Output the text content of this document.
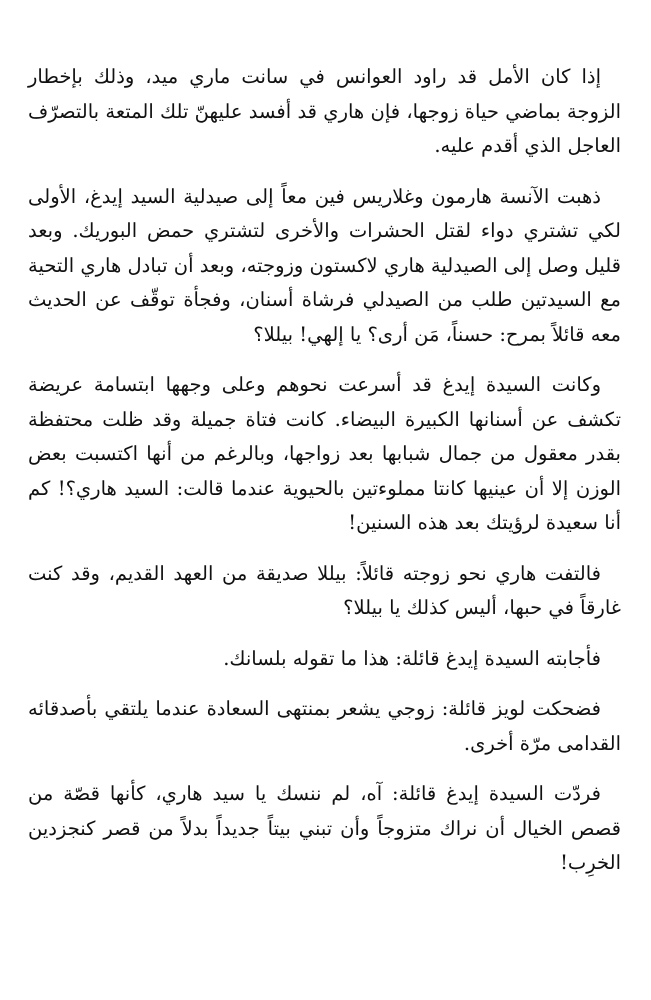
إذا كان الأمل قد راود العوانس في سانت ماري ميد، وذلك بإخطار الزوجة بماضي حياة زوجها، فإن هاري قد أفسد عليهنّ تلك المتعة بالتصرّف العاجل الذي أقدم عليه.

ذهبت الآنسة هارمون وغلاريس فين معاً إلى صيدلية السيد إيدغ، الأولى لكي تشتري دواء لقتل الحشرات والأخرى لتشتري حمض البوريك. وبعد قليل وصل إلى الصيدلية هاري لاكستون وزوجته، وبعد أن تبادل هاري التحية مع السيدتين طلب من الصيدلي فرشاة أسنان، وفجأة توقّف عن الحديث معه قائلاً بمرح: حسناً، مَن أرى؟ يا إلهي! بيللا؟

وكانت السيدة إيدغ قد أسرعت نحوهم وعلى وجهها ابتسامة عريضة تكشف عن أسنانها الكبيرة البيضاء. كانت فتاة جميلة وقد ظلت محتفظة بقدر معقول من جمال شبابها بعد زواجها، وبالرغم من أنها اكتسبت بعض الوزن إلا أن عينيها كانتا مملوءتين بالحيوية عندما قالت: السيد هاري؟! كم أنا سعيدة لرؤيتك بعد هذه السنين!

فالتفت هاري نحو زوجته قائلاً: بيللا صديقة من العهد القديم، وقد كنت غارقاً في حبها، أليس كذلك يا بيللا؟

فأجابته السيدة إيدغ قائلة: هذا ما تقوله بلسانك.

فضحكت لويز قائلة: زوجي يشعر بمنتهى السعادة عندما يلتقي بأصدقائه القدامى مرّة أخرى.

فردّت السيدة إيدغ قائلة: آه، لم ننسك يا سيد هاري، كأنها قصّة من قصص الخيال أن نراك متزوجاً وأن تبني بيتاً جديداً بدلاً من قصر كنجزدين الخرِب!
